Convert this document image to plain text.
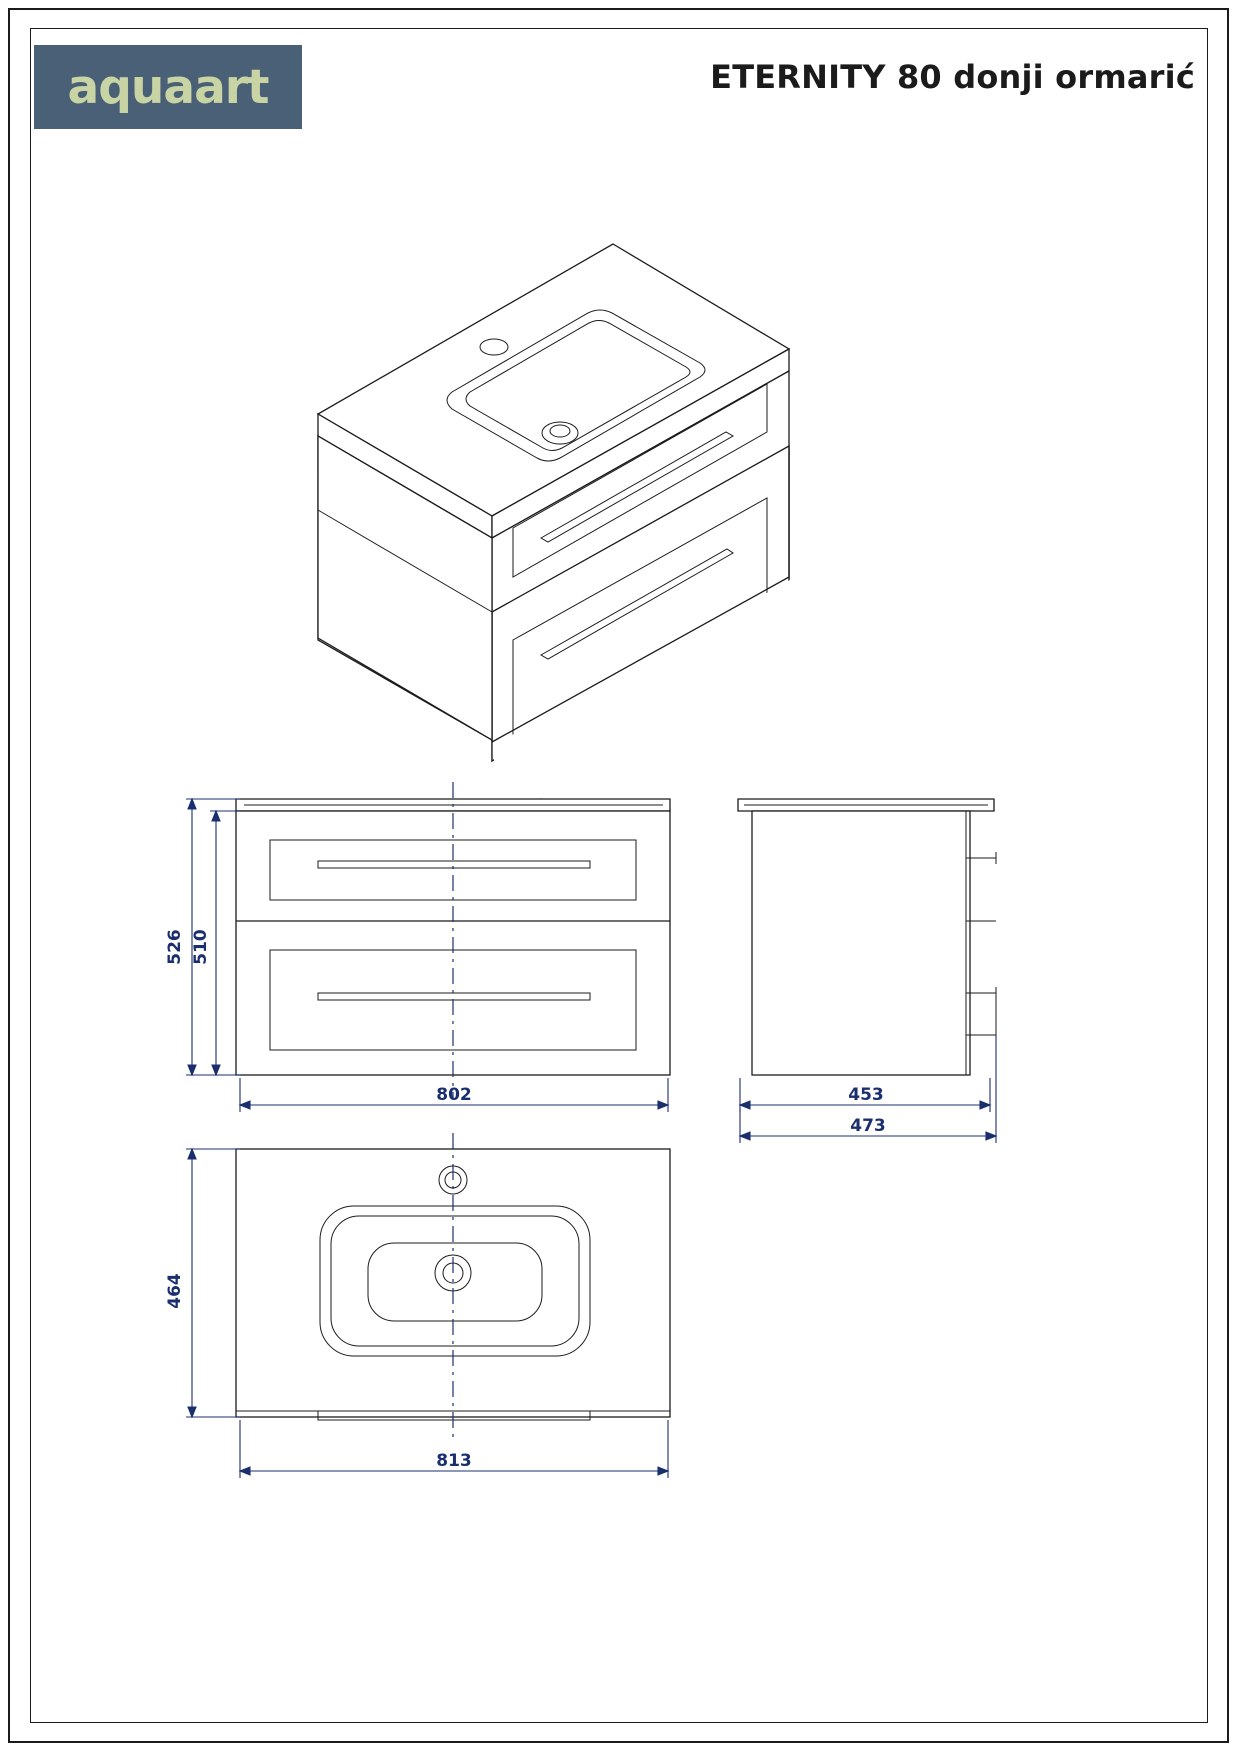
aquaart	ETERNITY 80 donji ormarić
526 510
802	453
473
464
813
